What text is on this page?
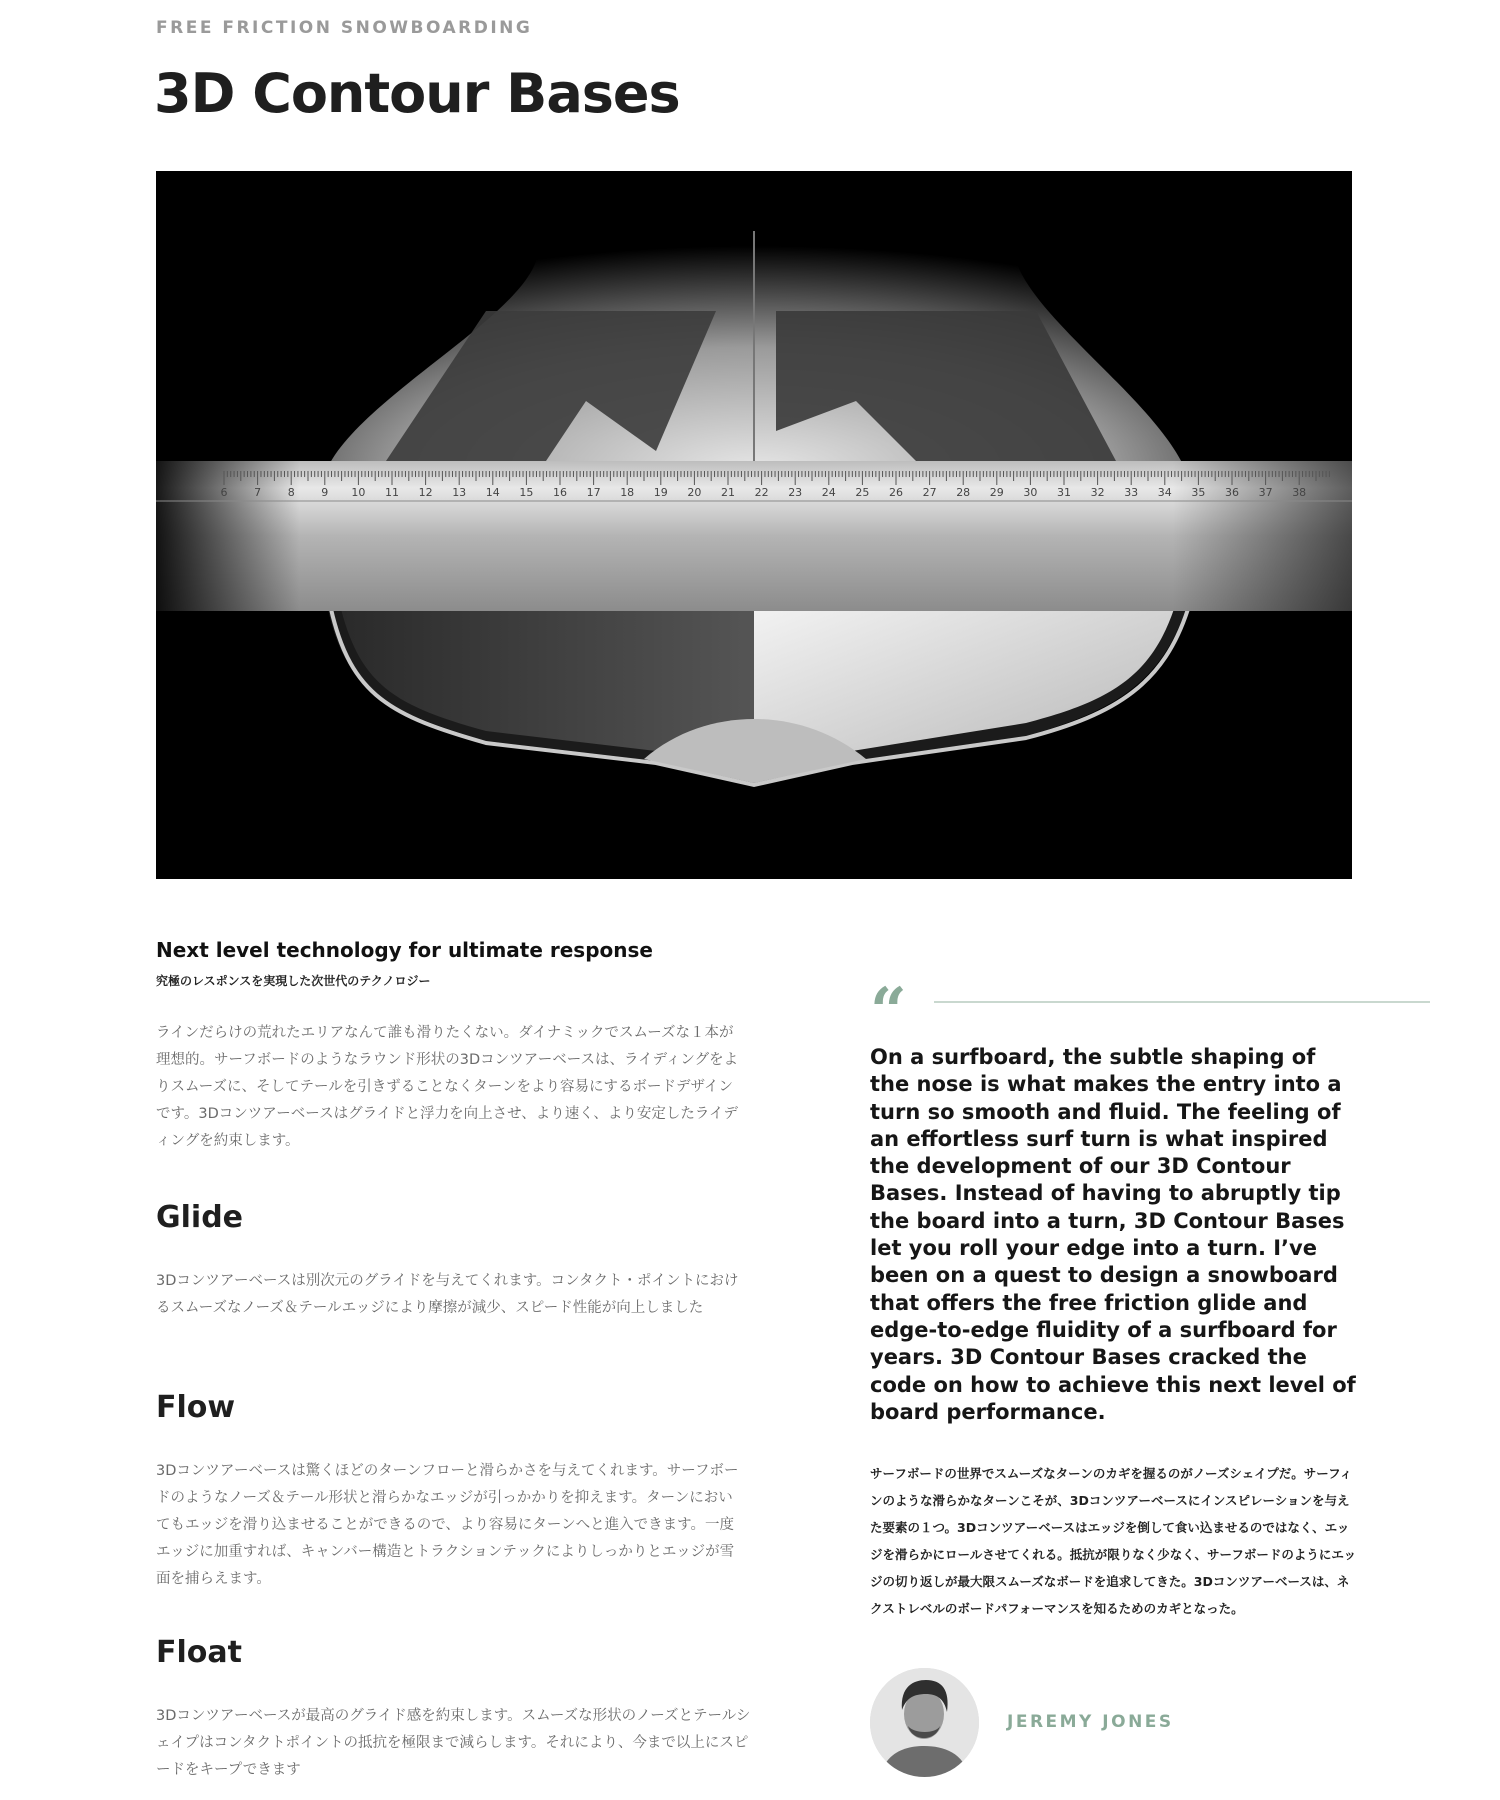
FREE FRICTION SNOWBOARDING
3D Contour Bases
6 7 8 9 10 11 12 13 14 15 16 17 18 19 20 21 22 23 24 25 26 27 28 29 30 31 32 33 34 35 36 37 38
Next level technology for ultimate response
究極のレスポンスを実現した次世代のテクノロジー

ラインだらけの荒れたエリアなんて誰も滑りたくない。ダイナミックでスムーズな１本が理想的。サーフボードのようなラウンド形状の3Dコンツアーベースは、ライディングをよりスムーズに、そしてテールを引きずることなくターンをより容易にするボードデザインです。3Dコンツアーベースはグライドと浮力を向上させ、より速く、より安定したライディングを約束します。

Glide

3Dコンツアーベースは別次元のグライドを与えてくれます。コンタクト・ポイントにおけるスムーズなノーズ＆テールエッジにより摩擦が減少、スピード性能が向上しました

Flow

3Dコンツアーベースは驚くほどのターンフローと滑らかさを与えてくれます。サーフボードのようなノーズ＆テール形状と滑らかなエッジが引っかかりを抑えます。ターンにおいてもエッジを滑り込ませることができるので、より容易にターンへと進入できます。一度エッジに加重すれば、キャンバー構造とトラクションテックによりしっかりとエッジが雪面を捕らえます。

Float

3Dコンツアーベースが最高のグライド感を約束します。スムーズな形状のノーズとテールシェイプはコンタクトポイントの抵抗を極限まで減らします。それにより、今まで以上にスピードをキープできます

“
On a surfboard, the subtle shaping of the nose is what makes the entry into a turn so smooth and fluid. The feeling of an effortless surf turn is what inspired the development of our 3D Contour Bases. Instead of having to abruptly tip the board into a turn, 3D Contour Bases let you roll your edge into a turn. I’ve been on a quest to design a snowboard that offers the free friction glide and edge-to-edge fluidity of a surfboard for years. 3D Contour Bases cracked the code on how to achieve this next level of board performance.

サーフボードの世界でスムーズなターンのカギを握るのがノーズシェイプだ。サーフィンのような滑らかなターンこそが、3Dコンツアーベースにインスピレーションを与えた要素の１つ。3Dコンツアーベースはエッジを倒して食い込ませるのではなく、エッジを滑らかにロールさせてくれる。抵抗が限りなく少なく、サーフボードのようにエッジの切り返しが最大限スムーズなボードを追求してきた。3Dコンツアーベースは、ネクストレベルのボードパフォーマンスを知るためのカギとなった。

JEREMY JONES
